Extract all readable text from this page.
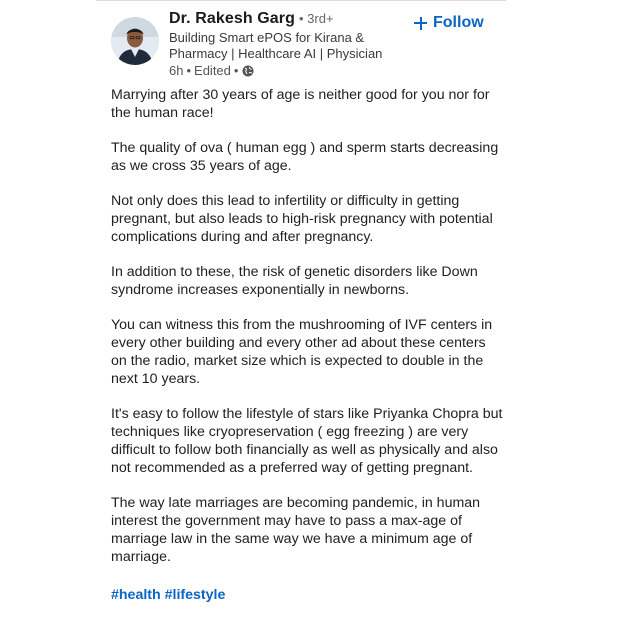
Dr. Rakesh Garg • 3rd+
Building Smart ePOS for Kirana & Pharmacy | Healthcare AI | Physician
6h • Edited •
Follow

Marrying after 30 years of age is neither good for you nor for the human race!

The quality of ova ( human egg ) and sperm starts decreasing as we cross 35 years of age.

Not only does this lead to infertility or difficulty in getting pregnant, but also leads to high-risk pregnancy with potential complications during and after pregnancy.

In addition to these, the risk of genetic disorders like Down syndrome increases exponentially in newborns.

You can witness this from the mushrooming of IVF centers in every other building and every other ad about these centers on the radio, market size which is expected to double in the next 10 years.

It's easy to follow the lifestyle of stars like Priyanka Chopra but techniques like cryopreservation ( egg freezing ) are very difficult to follow both financially as well as physically and also not recommended as a preferred way of getting pregnant.

The way late marriages are becoming pandemic, in human interest the government may have to pass a max-age of marriage law in the same way we have a minimum age of marriage.

#health #lifestyle
